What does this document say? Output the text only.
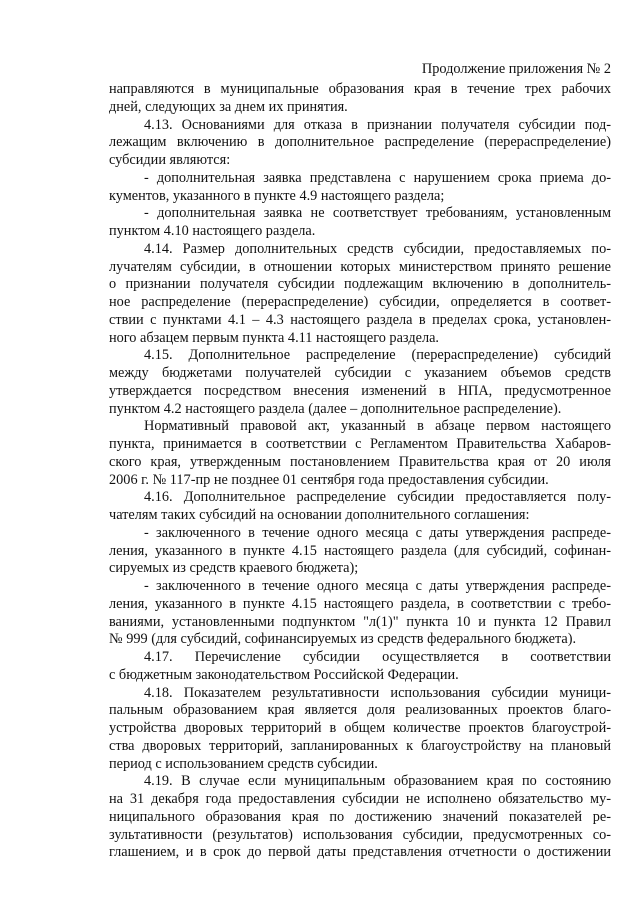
Продолжение приложения № 2
направляются в муниципальные образования края в течение трех рабочих
дней, следующих за днем их принятия.
4.13. Основаниями для отказа в признании получателя субсидии под-
лежащим включению в дополнительное распределение (перераспределение)
субсидии являются:
- дополнительная заявка представлена с нарушением срока приема до-
кументов, указанного в пункте 4.9 настоящего раздела;
- дополнительная заявка не соответствует требованиям, установленным
пунктом 4.10 настоящего раздела.
4.14. Размер дополнительных средств субсидии, предоставляемых по-
лучателям субсидии, в отношении которых министерством принято решение
о признании получателя субсидии подлежащим включению в дополнитель-
ное распределение (перераспределение) субсидии, определяется в соответ-
ствии с пунктами 4.1 – 4.3 настоящего раздела в пределах срока, установлен-
ного абзацем первым пункта 4.11 настоящего раздела.
4.15. Дополнительное распределение (перераспределение) субсидий
между бюджетами получателей субсидии с указанием объемов средств
утверждается посредством внесения изменений в НПА, предусмотренное
пунктом 4.2 настоящего раздела (далее – дополнительное распределение).
Нормативный правовой акт, указанный в абзаце первом настоящего
пункта, принимается в соответствии с Регламентом Правительства Хабаров-
ского края, утвержденным постановлением Правительства края от 20 июля
2006 г. № 117-пр не позднее 01 сентября года предоставления субсидии.
4.16. Дополнительное распределение субсидии предоставляется полу-
чателям таких субсидий на основании дополнительного соглашения:
- заключенного в течение одного месяца с даты утверждения распреде-
ления, указанного в пункте 4.15 настоящего раздела (для субсидий, софинан-
сируемых из средств краевого бюджета);
- заключенного в течение одного месяца с даты утверждения распреде-
ления, указанного в пункте 4.15 настоящего раздела, в соответствии с требо-
ваниями, установленными подпунктом "л(1)" пункта 10 и пункта 12 Правил
№ 999 (для субсидий, софинансируемых из средств федерального бюджета).
4.17. Перечисление субсидии осуществляется в соответствии
с бюджетным законодательством Российской Федерации.
4.18. Показателем результативности использования субсидии муници-
пальным образованием края является доля реализованных проектов благо-
устройства дворовых территорий в общем количестве проектов благоустрой-
ства дворовых территорий, запланированных к благоустройству на плановый
период с использованием средств субсидии.
4.19. В случае если муниципальным образованием края по состоянию
на 31 декабря года предоставления субсидии не исполнено обязательство му-
ниципального образования края по достижению значений показателей ре-
зультативности (результатов) использования субсидии, предусмотренных со-
глашением, и в срок до первой даты представления отчетности о достижении
